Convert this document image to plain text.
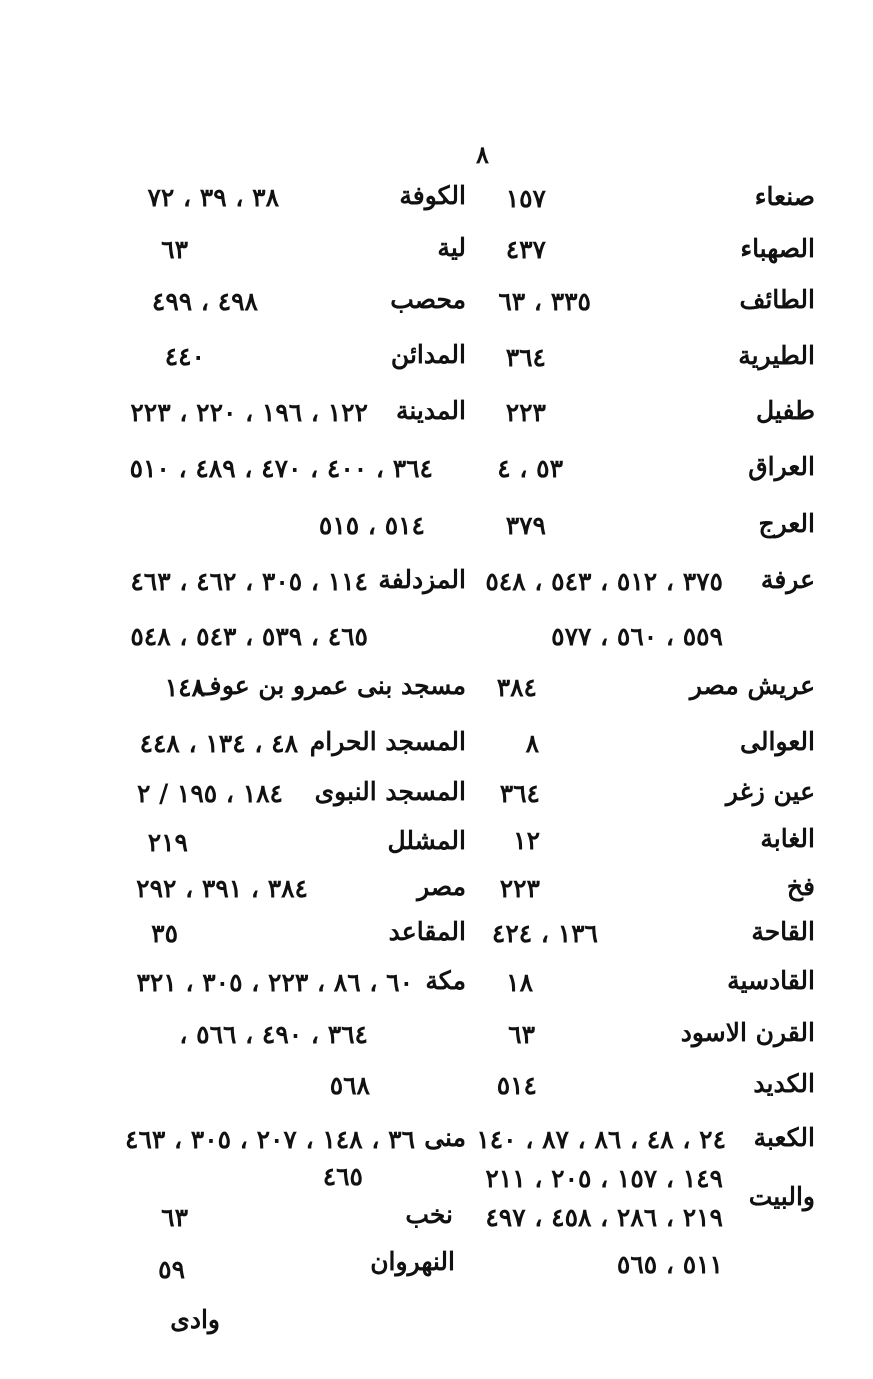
٨
صنعاء
الصهباء
الطائف
الطيرية
طفيل
العراق
العرج
عرفة
عريش مصر
العوالى
عين زغر
الغابة
فخ
القاحة
القادسية
القرن الاسود
الكديد
الكعبة
والبيت
١٥٧
٤٣٧
٣٣٥ ، ٦٣
٣٦٤
٢٢٣
٥٣ ، ٤
٣٧٩
٣٧٥ ، ٥١٢ ، ٥٤٣ ، ٥٤٨
٥٥٩ ، ٥٦٠ ، ٥٧٧
٣٨٤
٨
٣٦٤
١٢
٢٢٣
١٣٦ ، ٤٢٤
١٨
٦٣
٥١٤
٢٤ ، ٤٨ ، ٨٦ ، ٨٧ ، ١٤٠
١٤٩ ، ١٥٧ ، ٢٠٥ ، ٢١١
٢١٩ ، ٢٨٦ ، ٤٥٨ ، ٤٩٧
٥١١ ، ٥٦٥
الكوفة
لية
محصب
المدائن
المدينة
المزدلفة
مسجد بنى عمرو بن عوف
المسجد الحرام
المسجد النبوى
المشلل
مصر
المقاعد
مكة
منى
نخب
النهروان
وادى
٣٨ ، ٣٩ ، ٧٢
٦٣
٤٩٨ ، ٤٩٩
٤٤٠
١٢٢ ، ١٩٦ ، ٢٢٠ ، ٢٢٣
٣٦٤ ، ٤٠٠ ، ٤٧٠ ، ٤٨٩ ، ٥١٠
٥١٤ ، ٥١٥
١١٤ ، ٣٠٥ ، ٤٦٢ ، ٤٦٣
٤٦٥ ، ٥٣٩ ، ٥٤٣ ، ٥٤٨
١٤٨
٤٨ ، ١٣٤ ، ٤٤٨
١٨٤ ، ١٩٥ / ٢
٢١٩
٣٨٤ ، ٣٩١ ، ٢٩٢
٣٥
٦٠ ، ٨٦ ، ٢٢٣ ، ٣٠٥ ، ٣٢١
٣٦٤ ، ٤٩٠ ، ٥٦٦ ،
٥٦٨
٣٦ ، ١٤٨ ، ٢٠٧ ، ٣٠٥ ، ٤٦٣
٤٦٥
٦٣
٥٩
